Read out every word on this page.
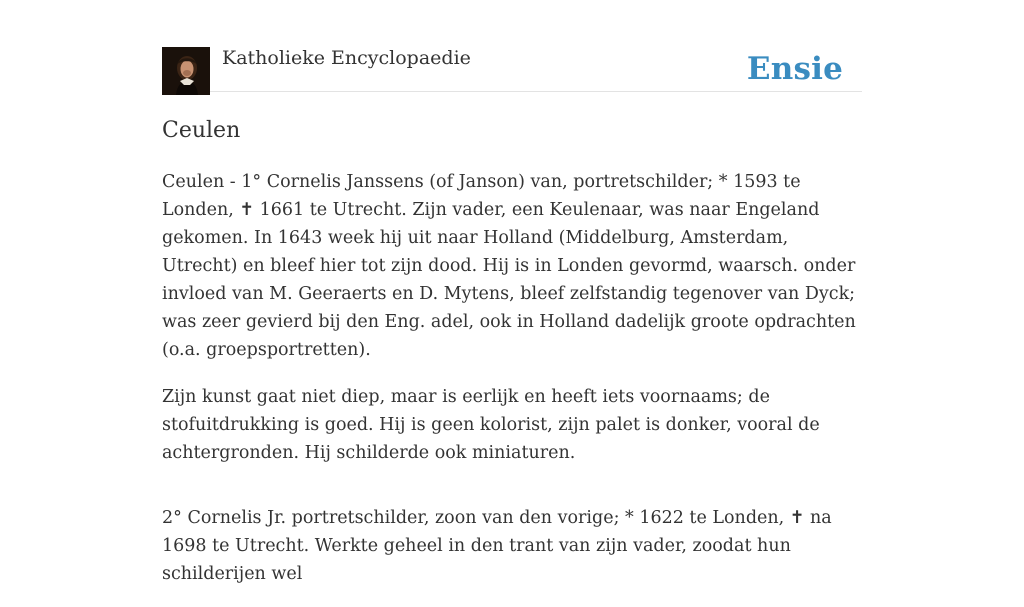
Katholieke Encyclopaedie	Ensie
Ceulen

Ceulen - 1° Cornelis Janssens (of Janson) van, portretschilder; * 1593 te Londen, ✝ 1661 te Utrecht. Zijn vader, een Keulenaar, was naar Engeland gekomen. In 1643 week hij uit naar Holland (Middelburg, Amsterdam, Utrecht) en bleef hier tot zijn dood. Hij is in Londen gevormd, waarsch. onder invloed van M. Geeraerts en D. Mytens, bleef zelfstandig tegenover van Dyck; was zeer gevierd bij den Eng. adel, ook in Holland dadelijk groote opdrachten (o.a. groepsportretten).

Zijn kunst gaat niet diep, maar is eerlijk en heeft iets voornaams; de stofuitdrukking is goed. Hij is geen kolorist, zijn palet is donker, vooral de achtergronden. Hij schilderde ook miniaturen.

2° Cornelis Jr. portretschilder, zoon van den vorige; * 1622 te Londen, ✝ na 1698 te Utrecht. Werkte geheel in den trant van zijn vader, zoodat hun schilderijen wel
